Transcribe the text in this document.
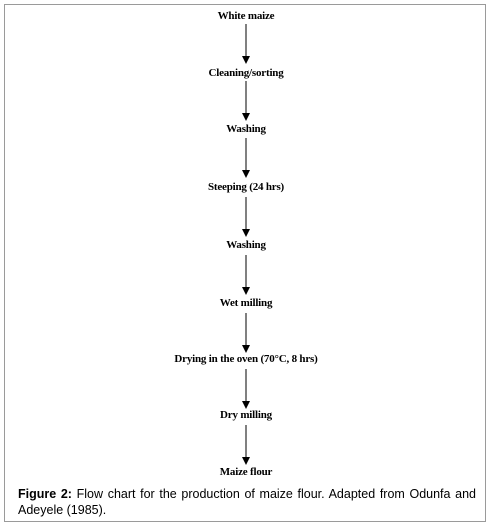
White maize
Cleaning/sorting
Washing
Steeping (24 hrs)
Washing
Wet milling
Drying in the oven (70°C, 8 hrs)
Dry milling
Maize flour
Figure 2: Flow chart for the production of maize flour. Adapted from Odunfa and Adeyele (1985).
